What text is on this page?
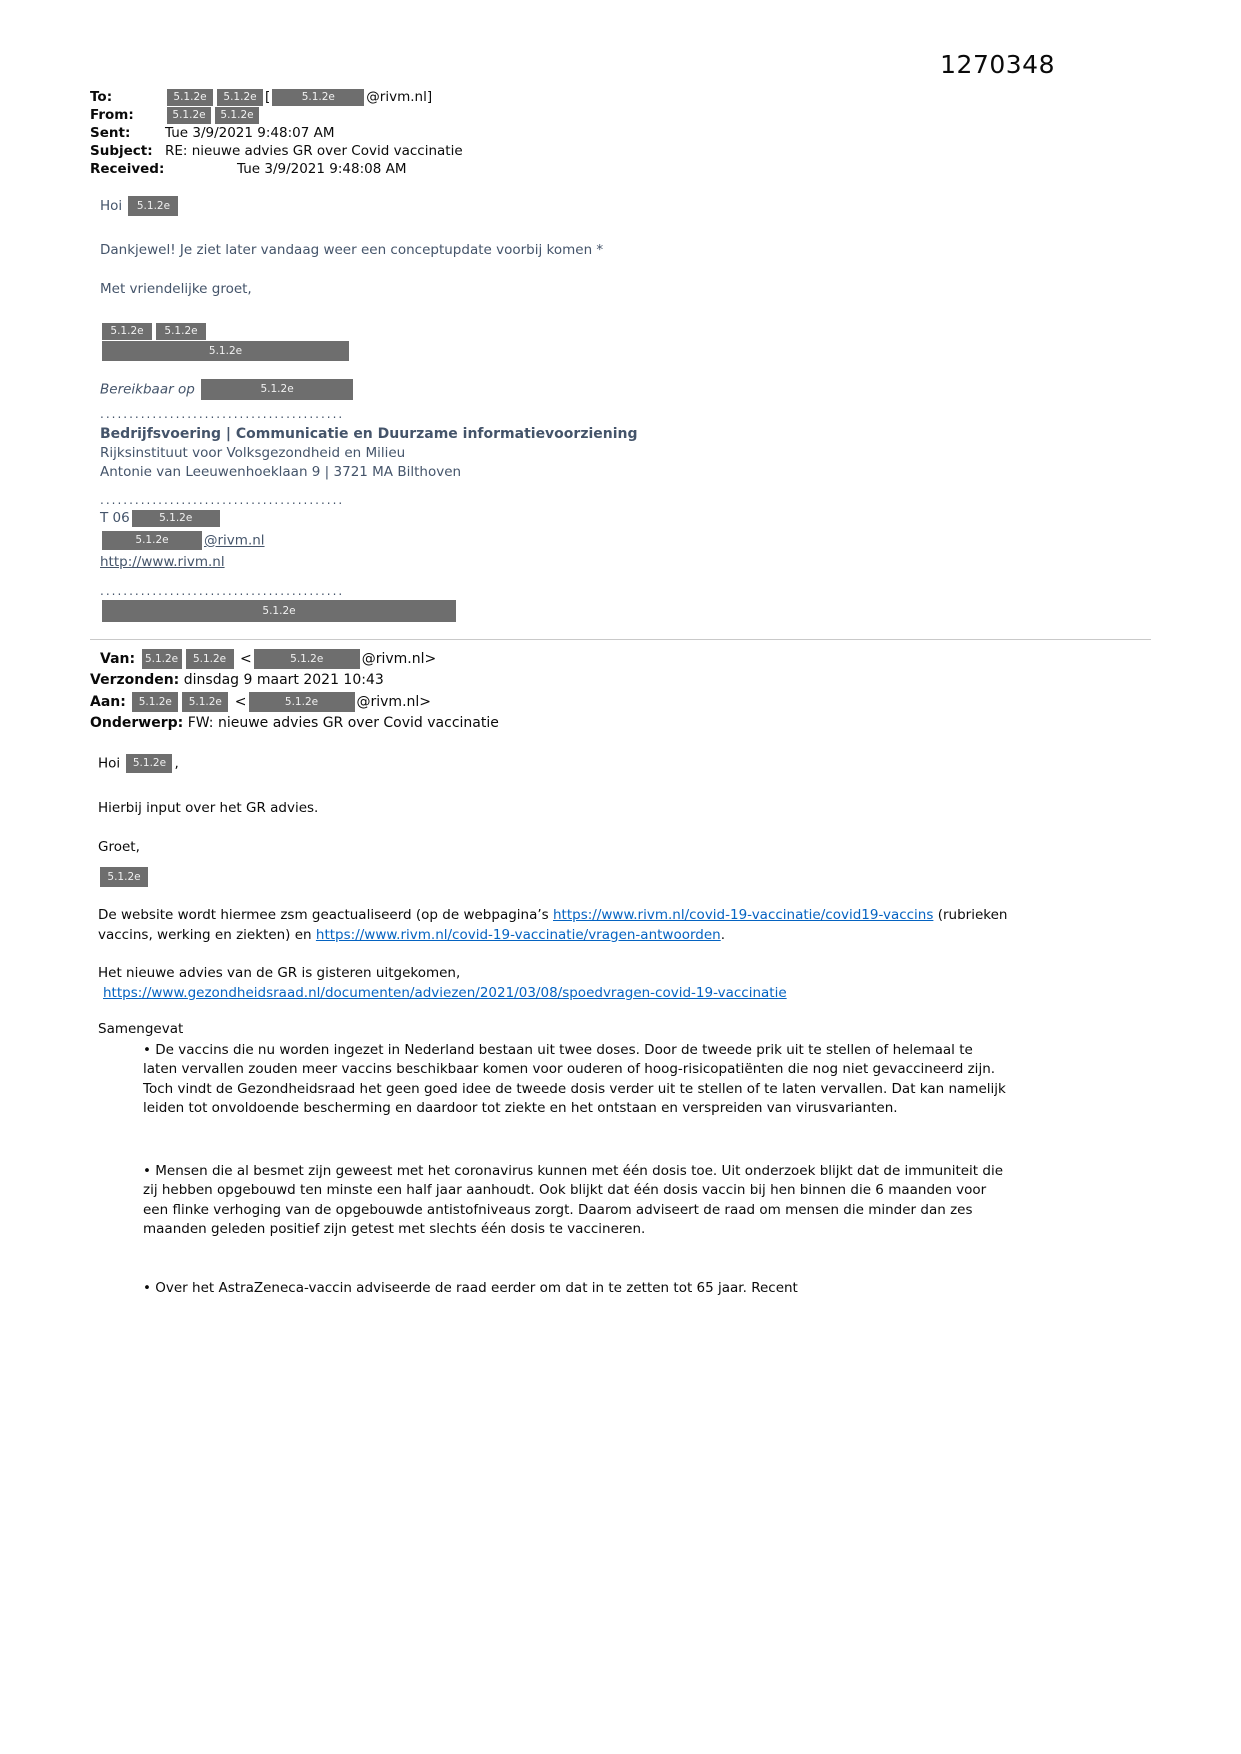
1270348
To:	5.1.2e 5.1.2e [	5.1.2e @rivm.nl]
From:	5.1.2e 5.1.2e
Sent:	Tue 3/9/2021 9:48:07 AM
Subject: RE: nieuwe advies GR over Covid vaccinatie
Received:	Tue 3/9/2021 9:48:08 AM
Hoi 5.1.2e
Dankjewel! Je ziet later vandaag weer een conceptupdate voorbij komen *
Met vriendelijke groet,
5.1.2e 5.1.2e
5.1.2e
Bereikbaar op	5.1.2e
..........................................
Bedrijfsvoering | Communicatie en Duurzame informatievoorziening
Rijksinstituut voor Volksgezondheid en Milieu
Antonie van Leeuwenhoeklaan 9 | 3721 MA Bilthoven
..........................................
T 06	5.1.2e
5.1.2e	@rivm.nl
http://www.rivm.nl
..........................................
5.1.2e
Van: 5.1.2e 5.1.2e <	5.1.2e	@rivm.nl>
Verzonden: dinsdag 9 maart 2021 10:43
Aan: 5.1.2e 5.1.2e <	5.1.2e	@rivm.nl>
Onderwerp: FW: nieuwe advies GR over Covid vaccinatie
Hoi 5.1.2e ,
Hierbij input over het GR advies.
Groet,
5.1.2e
De website wordt hiermee zsm geactualiseerd (op de webpagina’s https://www.rivm.nl/covid-19-vaccinatie/covid19-vaccins (rubrieken vaccins, werking en ziekten) en https://www.rivm.nl/covid-19-vaccinatie/vragen-antwoorden.
Het nieuwe advies van de GR is gisteren uitgekomen,
https://www.gezondheidsraad.nl/documenten/adviezen/2021/03/08/spoedvragen-covid-19-vaccinatie
Samengevat
• De vaccins die nu worden ingezet in Nederland bestaan uit twee doses. Door de tweede prik uit te stellen of helemaal te laten vervallen zouden meer vaccins beschikbaar komen voor ouderen of hoog-risicopatiënten die nog niet gevaccineerd zijn. Toch vindt de Gezondheidsraad het geen goed idee de tweede dosis verder uit te stellen of te laten vervallen. Dat kan namelijk leiden tot onvoldoende bescherming en daardoor tot ziekte en het ontstaan en verspreiden van virusvarianten.
• Mensen die al besmet zijn geweest met het coronavirus kunnen met één dosis toe. Uit onderzoek blijkt dat de immuniteit die zij hebben opgebouwd ten minste een half jaar aanhoudt. Ook blijkt dat één dosis vaccin bij hen binnen die 6 maanden voor een flinke verhoging van de opgebouwde antistofniveaus zorgt. Daarom adviseert de raad om mensen die minder dan zes maanden geleden positief zijn getest met slechts één dosis te vaccineren.
• Over het AstraZeneca-vaccin adviseerde de raad eerder om dat in te zetten tot 65 jaar. Recent
